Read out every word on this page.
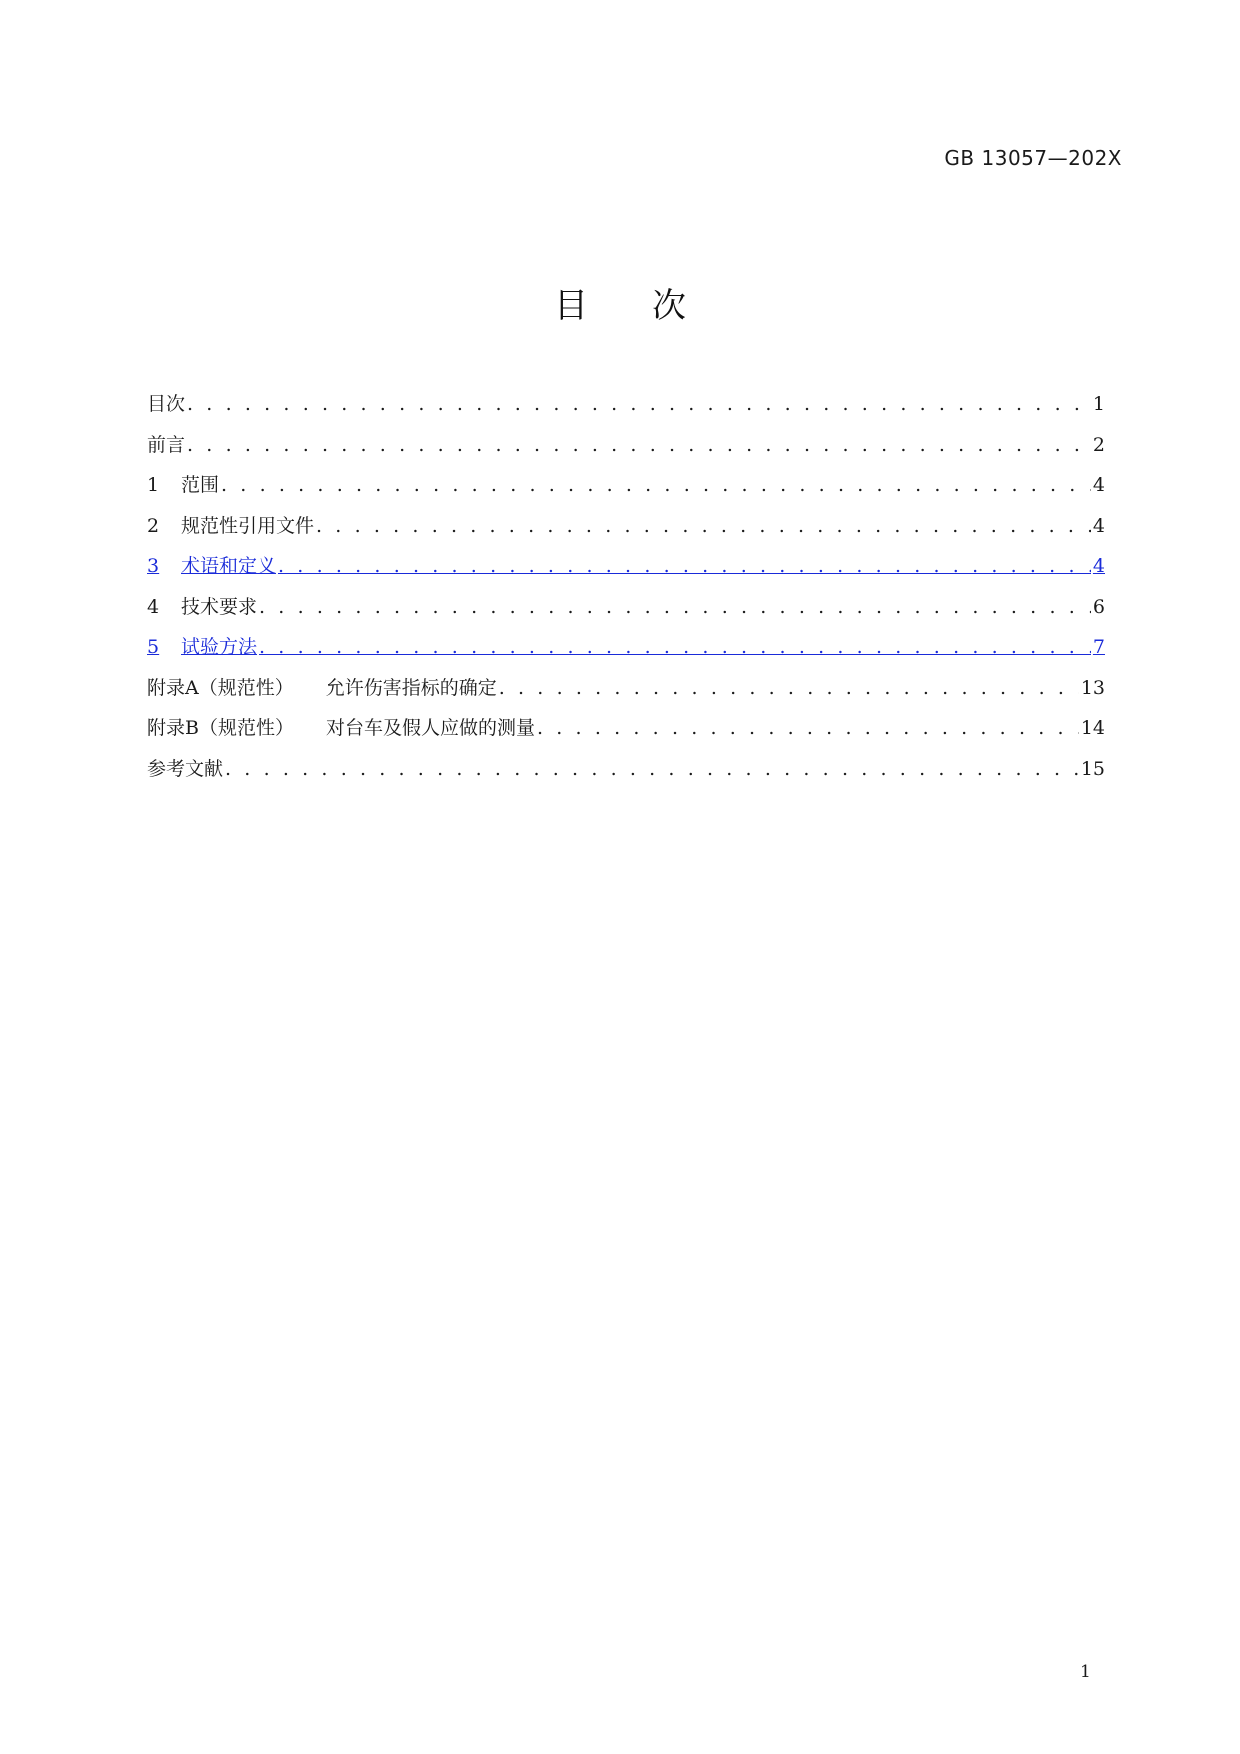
GB 13057—202X
目 次
目次 . . .	1
前言 . . .	2
1	范围 . . .	4
2	规范性引用文件 . . .	4
3	术语和定义 . . .	4
4	技术要求 . . .	6
5	试验方法 . . .	7
附录A（规范性） 允许伤害指标的确定 . . .	13
附录B（规范性） 对台车及假人应做的测量 . . .	14
参考文献 . . .	15
1
